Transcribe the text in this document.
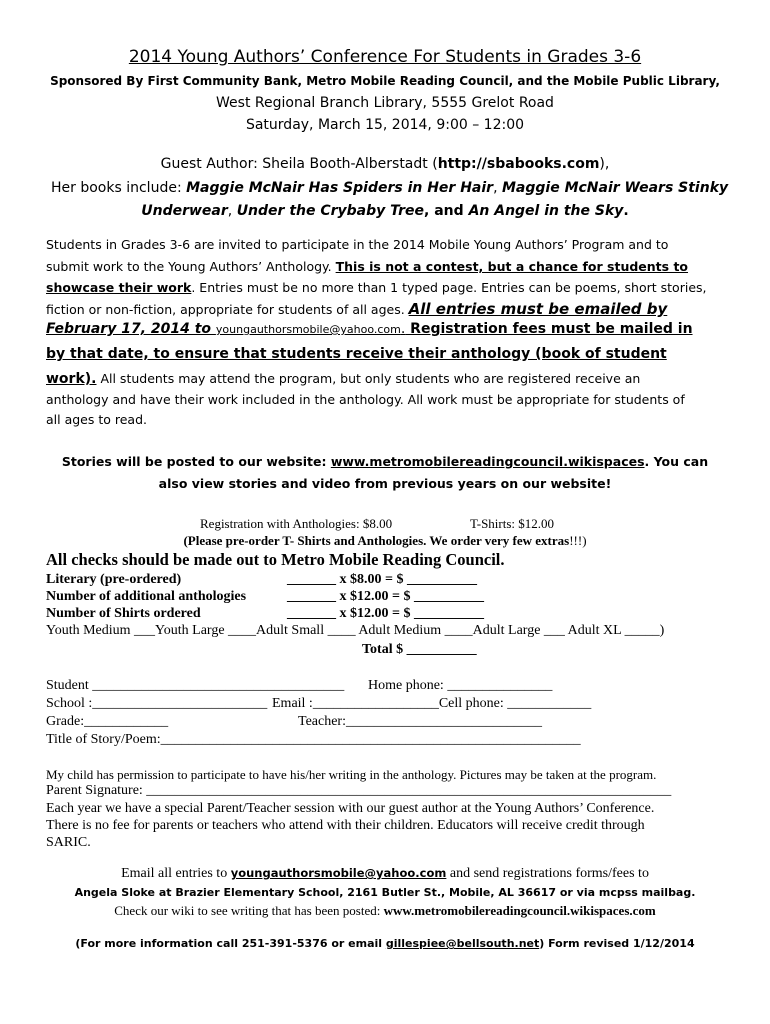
2014 Young Authors’ Conference For Students in Grades 3-6
Sponsored By First Community Bank, Metro Mobile Reading Council, and the Mobile Public Library,
West Regional Branch Library, 5555 Grelot Road
Saturday, March 15, 2014, 9:00 – 12:00
Guest Author: Sheila Booth-Alberstadt (http://sbabooks.com),
Her books include: Maggie McNair Has Spiders in Her Hair, Maggie McNair Wears Stinky
Underwear, Under the Crybaby Tree, and An Angel in the Sky.
Students in Grades 3-6 are invited to participate in the 2014 Mobile Young Authors’ Program and to
submit work to the Young Authors’ Anthology. This is not a contest, but a chance for students to
showcase their work. Entries must be no more than 1 typed page. Entries can be poems, short stories,
fiction or non-fiction, appropriate for students of all ages. All entries must be emailed by
February 17, 2014 to youngauthorsmobile@yahoo.com. Registration fees must be mailed in
by that date, to ensure that students receive their anthology (book of student
work). All students may attend the program, but only students who are registered receive an
anthology and have their work included in the anthology. All work must be appropriate for students of
all ages to read.
Stories will be posted to our website: www.metromobilereadingcouncil.wikispaces. You can
also view stories and video from previous years on our website!
Registration with Anthologies: $8.00	T-Shirts: $12.00
(Please pre-order T- Shirts and Anthologies. We order very few extras!!!)
All checks should be made out to Metro Mobile Reading Council.
Literary (pre-ordered)	_______ x $8.00 = $ __________
Number of additional anthologies	_______ x $12.00 = $ __________
Number of Shirts ordered	_______ x $12.00 = $ __________
Youth Medium ___Youth Large ____Adult Small ____ Adult Medium ____Adult Large ___ Adult XL _____)
Total $ __________
Student ____________________________________ Home phone: _______________
School :_________________________ Email :__________________Cell phone: ____________
Grade:____________	Teacher:____________________________
Title of Story/Poem:____________________________________________________________
My child has permission to participate to have his/her writing in the anthology. Pictures may be taken at the program.
Parent Signature: ___________________________________________________________________________
Each year we have a special Parent/Teacher session with our guest author at the Young Authors’ Conference.
There is no fee for parents or teachers who attend with their children. Educators will receive credit through
SARIC.
Email all entries to youngauthorsmobile@yahoo.com and send registrations forms/fees to
Angela Sloke at Brazier Elementary School, 2161 Butler St., Mobile, AL 36617 or via mcpss mailbag.
Check our wiki to see writing that has been posted: www.metromobilereadingcouncil.wikispaces.com
(For more information call 251-391-5376 or email gillespiee@bellsouth.net) Form revised 1/12/2014
